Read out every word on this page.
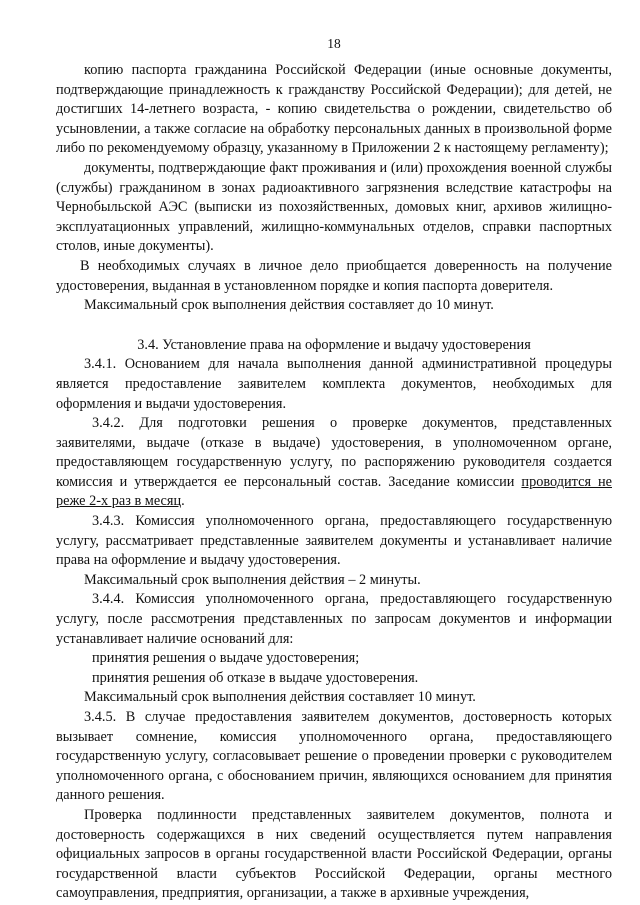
18

копию паспорта гражданина Российской Федерации (иные основные документы, подтверждающие принадлежность к гражданству Российской Федерации); для детей, не достигших 14-летнего возраста, - копию свидетельства о рождении, свидетельство об усыновлении, а также согласие на обработку персональных данных в произвольной форме либо по рекомендуемому образцу, указанному в Приложении 2 к настоящему регламенту);

документы, подтверждающие факт проживания и (или) прохождения военной службы (службы) гражданином в зонах радиоактивного загрязнения вследствие катастрофы на Чернобыльской АЭС (выписки из похозяйственных, домовых книг, архивов жилищно-эксплуатационных управлений, жилищно-коммунальных отделов, справки паспортных столов, иные документы).

В необходимых случаях в личное дело приобщается доверенность на получение удостоверения, выданная в установленном порядке и копия паспорта доверителя.

Максимальный срок выполнения действия составляет до 10 минут.

3.4. Установление права на оформление и выдачу удостоверения

3.4.1. Основанием для начала выполнения данной административной процедуры является предоставление заявителем комплекта документов, необходимых для оформления и выдачи удостоверения.

3.4.2. Для подготовки решения о проверке документов, представленных заявителями, выдаче (отказе в выдаче) удостоверения, в уполномоченном органе, предоставляющем государственную услугу, по распоряжению руководителя создается комиссия и утверждается ее персональный состав. Заседание комиссии проводится не реже 2-х раз в месяц.

3.4.3. Комиссия уполномоченного органа, предоставляющего государственную услугу, рассматривает представленные заявителем документы и устанавливает наличие права на оформление и выдачу удостоверения.

Максимальный срок выполнения действия – 2 минуты.

3.4.4. Комиссия уполномоченного органа, предоставляющего государственную услугу, после рассмотрения представленных по запросам документов и информации устанавливает наличие оснований для:

принятия решения о выдаче удостоверения;

принятия решения об отказе в выдаче удостоверения.

Максимальный срок выполнения действия составляет 10 минут.

3.4.5. В случае предоставления заявителем документов, достоверность которых вызывает сомнение, комиссия уполномоченного органа, предоставляющего государственную услугу, согласовывает решение о проведении проверки с руководителем уполномоченного органа, с обоснованием причин, являющихся основанием для принятия данного решения.

Проверка подлинности представленных заявителем документов, полнота и достоверность содержащихся в них сведений осуществляется путем направления официальных запросов в органы государственной власти Российской Федерации, органы государственной власти субъектов Российской Федерации, органы местного самоуправления, предприятия, организации, а также в архивные учреждения,
